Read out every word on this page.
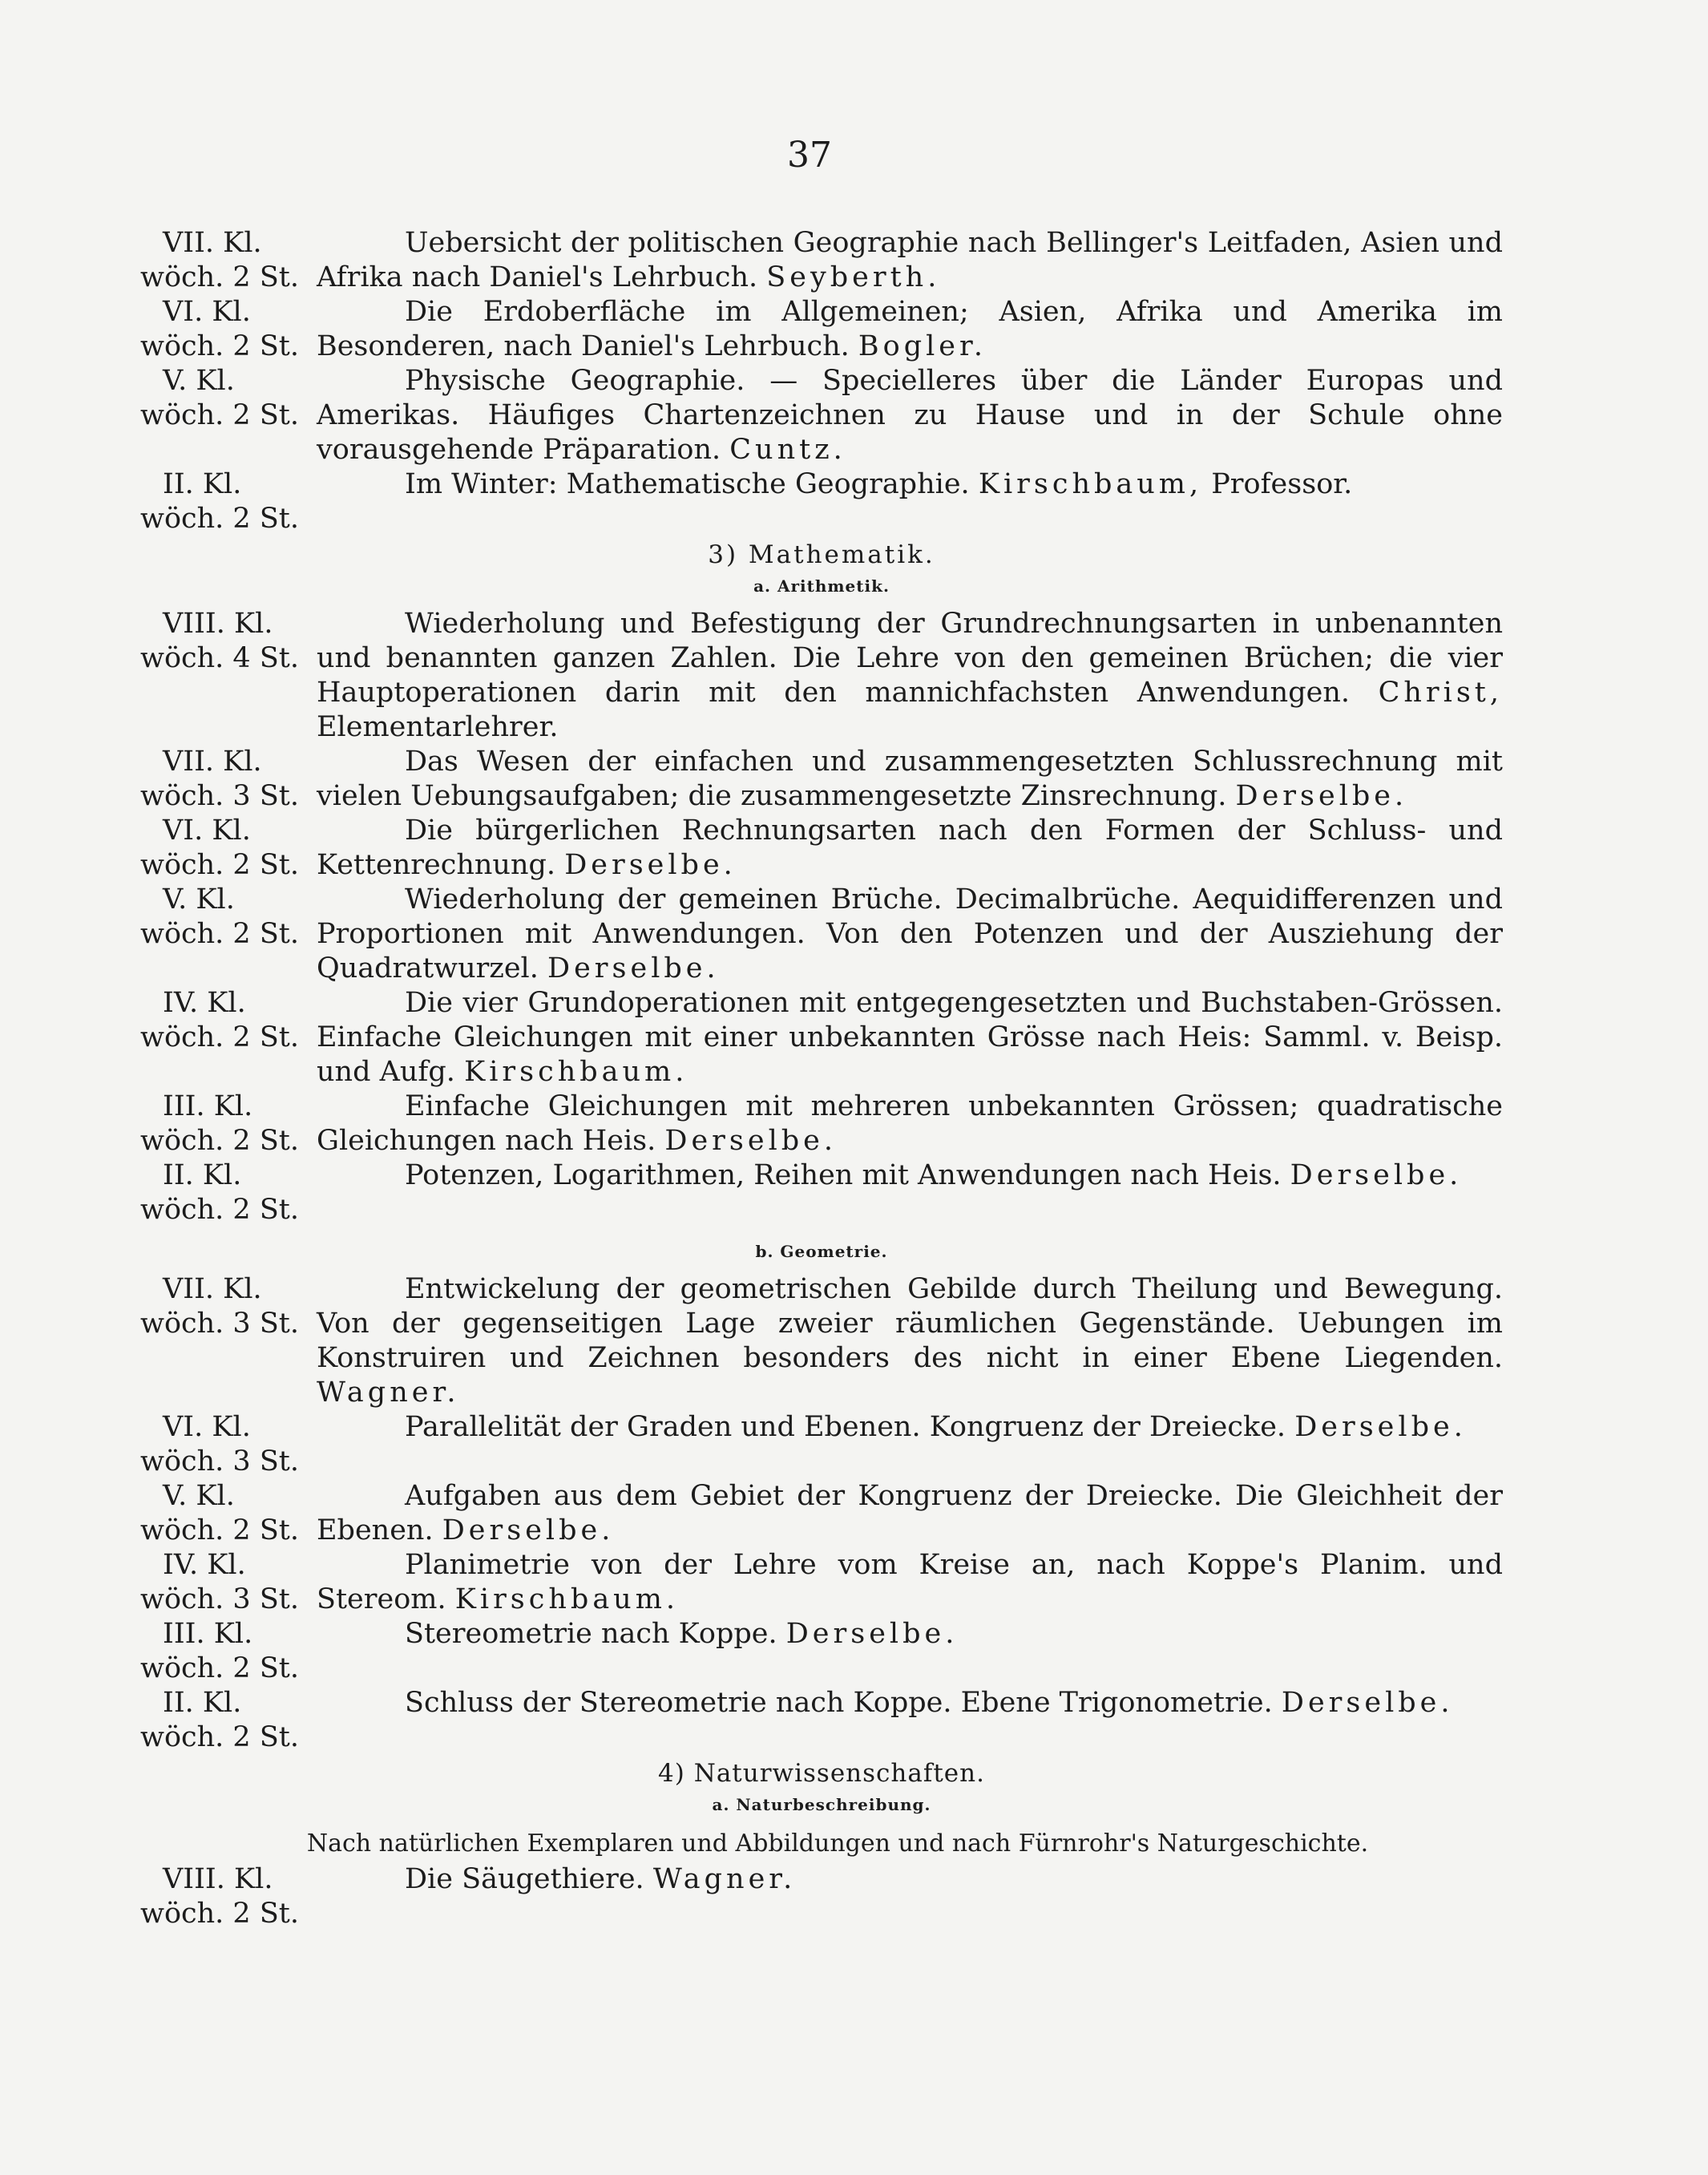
37
VII. Kl.
wöch. 2 St.
Uebersicht der politischen Geographie nach Bellinger's Leitfaden, Asien und Afrika nach Daniel's Lehrbuch. Seyberth.
VI. Kl.
wöch. 2 St.
Die Erdoberfläche im Allgemeinen; Asien, Afrika und Amerika im Besonderen, nach Daniel's Lehrbuch. Bogler.
V. Kl.
wöch. 2 St.
Physische Geographie. — Specielleres über die Länder Europas und Amerikas. Häufiges Chartenzeichnen zu Hause und in der Schule ohne vorausgehende Präparation. Cuntz.
II. Kl.
wöch. 2 St.
Im Winter: Mathematische Geographie. Kirschbaum, Professor.
3) Mathematik.
a. Arithmetik.
VIII. Kl.
wöch. 4 St.
Wiederholung und Befestigung der Grundrechnungsarten in unbenannten und benannten ganzen Zahlen. Die Lehre von den gemeinen Brüchen; die vier Hauptoperationen darin mit den mannichfachsten Anwendungen. Christ, Elementarlehrer.
VII. Kl.
wöch. 3 St.
Das Wesen der einfachen und zusammengesetzten Schlussrechnung mit vielen Uebungsaufgaben; die zusammengesetzte Zinsrechnung. Derselbe.
VI. Kl.
wöch. 2 St.
Die bürgerlichen Rechnungsarten nach den Formen der Schluss- und Kettenrechnung. Derselbe.
V. Kl.
wöch. 2 St.
Wiederholung der gemeinen Brüche. Decimalbrüche. Aequidifferenzen und Proportionen mit Anwendungen. Von den Potenzen und der Ausziehung der Quadratwurzel. Derselbe.
IV. Kl.
wöch. 2 St.
Die vier Grundoperationen mit entgegengesetzten und Buchstaben-Grössen. Einfache Gleichungen mit einer unbekannten Grösse nach Heis: Samml. v. Beisp. und Aufg. Kirschbaum.
III. Kl.
wöch. 2 St.
Einfache Gleichungen mit mehreren unbekannten Grössen; quadratische Gleichungen nach Heis. Derselbe.
II. Kl.
wöch. 2 St.
Potenzen, Logarithmen, Reihen mit Anwendungen nach Heis. Derselbe.
b. Geometrie.
VII. Kl.
wöch. 3 St.
Entwickelung der geometrischen Gebilde durch Theilung und Bewegung. Von der gegenseitigen Lage zweier räumlichen Gegenstände. Uebungen im Konstruiren und Zeichnen besonders des nicht in einer Ebene Liegenden. Wagner.
VI. Kl.
wöch. 3 St.
Parallelität der Graden und Ebenen. Kongruenz der Dreiecke. Derselbe.
V. Kl.
wöch. 2 St.
Aufgaben aus dem Gebiet der Kongruenz der Dreiecke. Die Gleichheit der Ebenen. Derselbe.
IV. Kl.
wöch. 3 St.
Planimetrie von der Lehre vom Kreise an, nach Koppe's Planim. und Stereom. Kirschbaum.
III. Kl.
wöch. 2 St.
Stereometrie nach Koppe. Derselbe.
II. Kl.
wöch. 2 St.
Schluss der Stereometrie nach Koppe. Ebene Trigonometrie. Derselbe.
4) Naturwissenschaften.
a. Naturbeschreibung.
Nach natürlichen Exemplaren und Abbildungen und nach Fürnrohr's Naturgeschichte.
VIII. Kl.
wöch. 2 St.
Die Säugethiere. Wagner.
